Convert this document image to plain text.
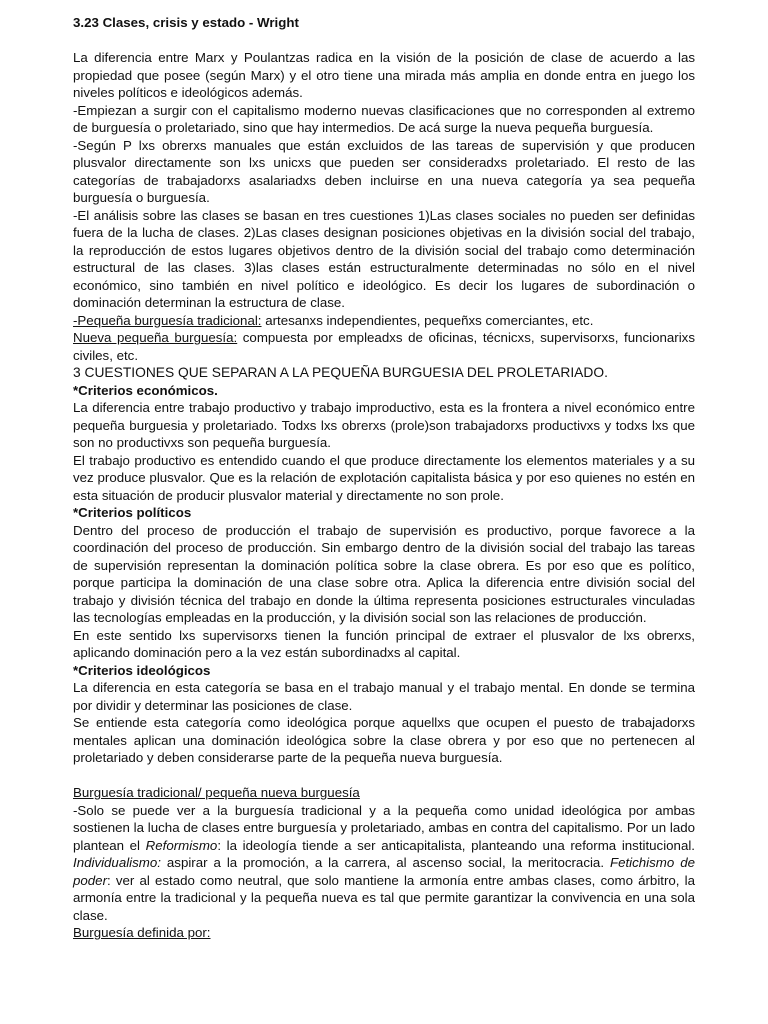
3.23 Clases, crisis y estado - Wright

La diferencia entre Marx y Poulantzas radica en la visión de la posición de clase de acuerdo a las propiedad que posee (según Marx) y el otro tiene una mirada más amplia en donde entra en juego los niveles políticos e ideológicos además.

-Empiezan a surgir con el capitalismo moderno nuevas clasificaciones que no corresponden al extremo de burguesía o proletariado, sino que hay intermedios. De acá surge la nueva pequeña burguesía.

-Según P lxs obrerxs manuales que están excluidos de las tareas de supervisión y que producen plusvalor directamente son lxs unicxs que pueden ser consideradxs proletariado. El resto de las categorías de trabajadorxs asalariadxs deben incluirse en una nueva categoría ya sea pequeña burguesía o burguesía.

-El análisis sobre las clases se basan en tres cuestiones 1)Las clases sociales no pueden ser definidas fuera de la lucha de clases. 2)Las clases designan posiciones objetivas en la división social del trabajo, la reproducción de estos lugares objetivos dentro de la división social del trabajo como determinación estructural de las clases. 3)las clases están estructuralmente determinadas no sólo en el nivel económico, sino también en nivel político e ideológico. Es decir los lugares de subordinación o dominación determinan la estructura de clase.

-Pequeña burguesía tradicional: artesanxs independientes, pequeñxs comerciantes, etc.

Nueva pequeña burguesía: compuesta por empleadxs de oficinas, técnicxs, supervisorxs, funcionarixs civiles, etc.

3 CUESTIONES QUE SEPARAN A LA PEQUEÑA BURGUESIA DEL PROLETARIADO.

*Criterios económicos.

La diferencia entre trabajo productivo y trabajo improductivo, esta es la frontera a nivel económico entre pequeña burguesia y proletariado. Todxs lxs obrerxs (prole)son trabajadorxs productivxs y todxs lxs que son no productivxs son pequeña burguesía.

El trabajo productivo es entendido cuando el que produce directamente los elementos materiales y a su vez produce plusvalor. Que es la relación de explotación capitalista básica y por eso quienes no estén en esta situación de producir plusvalor material y directamente no son prole.

*Criterios políticos

Dentro del proceso de producción el trabajo de supervisión es productivo, porque favorece a la coordinación del proceso de producción. Sin embargo dentro de la división social del trabajo las tareas de supervisión representan la dominación política sobre la clase obrera. Es por eso que es político, porque participa la dominación de una clase sobre otra. Aplica la diferencia entre división social del trabajo y división técnica del trabajo en donde la última representa posiciones estructurales vinculadas las tecnologías empleadas en la producción, y la división social son las relaciones de producción.

En este sentido lxs supervisorxs tienen la función principal de extraer el plusvalor de lxs obrerxs, aplicando dominación pero a la vez están subordinadxs al capital.

*Criterios ideológicos

La diferencia en esta categoría se basa en el trabajo manual y el trabajo mental. En donde se termina por dividir y determinar las posiciones de clase.

Se entiende esta categoría como ideológica porque aquellxs que ocupen el puesto de trabajadorxs mentales aplican una dominación ideológica sobre la clase obrera y por eso que no pertenecen al proletariado y deben considerarse parte de la pequeña nueva burguesía.

Burguesía tradicional/ pequeña nueva burguesía

-Solo se puede ver a la burguesía tradicional y a la pequeña como unidad ideológica por ambas sostienen la lucha de clases entre burguesía y proletariado, ambas en contra del capitalismo. Por un lado plantean el Reformismo: la ideología tiende a ser anticapitalista, planteando una reforma institucional. Individualismo: aspirar a la promoción, a la carrera, al ascenso social, la meritocracia. Fetichismo de poder: ver al estado como neutral, que solo mantiene la armonía entre ambas clases, como árbitro, la armonía entre la tradicional y la pequeña nueva es tal que permite garantizar la convivencia en una sola clase.

Burguesía definida por:
